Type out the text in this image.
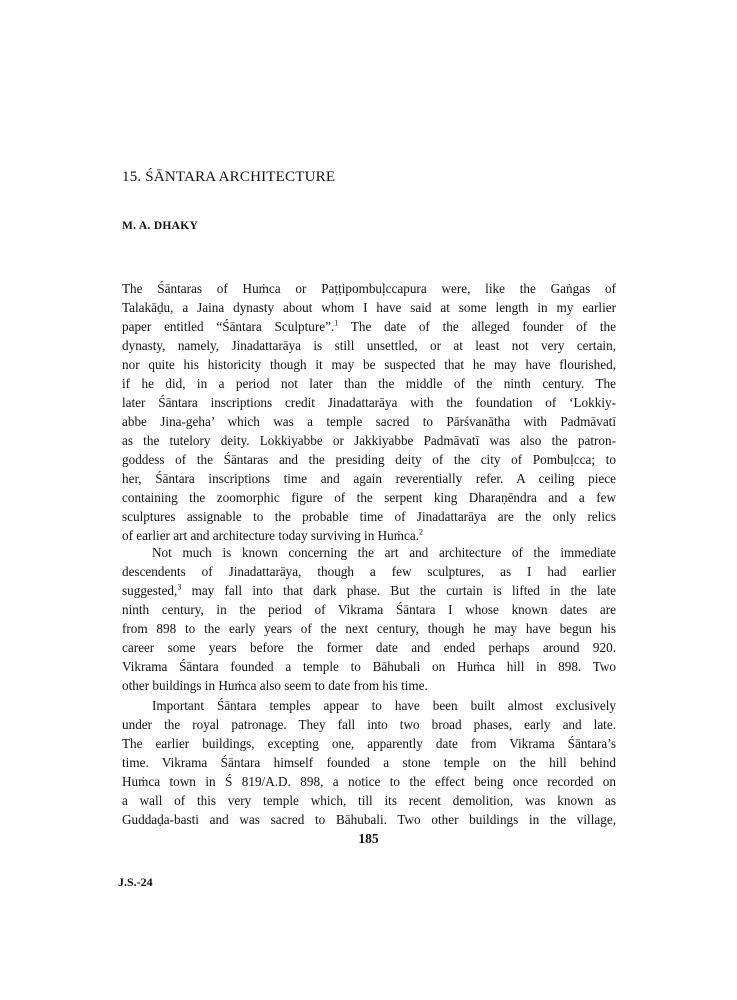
15. ŚĀNTARA ARCHITECTURE
M. A. DHAKY
The Śāntaras of Huṁca or Paṭṭipombuḷccapura were, like the Gaṅgas of
Talakāḍu, a Jaina dynasty about whom I have said at some length in my earlier
paper entitled “Śāntara Sculpture”.$^1$ The date of the alleged founder of the
dynasty, namely, Jinadattarāya is still unsettled, or at least not very certain,
nor quite his historicity though it may be suspected that he may have flourished,
if he did, in a period not later than the middle of the ninth century. The
later Śāntara inscriptions credit Jinadattarāya with the foundation of ‘Lokkiy-
abbe Jina-geha’ which was a temple sacred to Pārśvanātha with Padmāvatī
as the tutelory deity. Lokkiyabbe or Jakkiyabbe Padmāvatī was also the patron-
goddess of the Śāntaras and the presiding deity of the city of Pombuḷcca; to
her, Śāntara inscriptions time and again reverentially refer. A ceiling piece
containing the zoomorphic figure of the serpent king Dharaṇēndra and a few
sculptures assignable to the probable time of Jinadattarāya are the only relics
of earlier art and architecture today surviving in Huṁca.$^2$
Not much is known concerning the art and architecture of the immediate
descendents of Jinadattarāya, though a few sculptures, as I had earlier
suggested,$^3$ may fall into that dark phase. But the curtain is lifted in the late
ninth century, in the period of Vikrama Śāntara I whose known dates are
from 898 to the early years of the next century, though he may have begun his
career some years before the former date and ended perhaps around 920.
Vikrama Śāntara founded a temple to Bāhubali on Huṁca hill in 898. Two
other buildings in Huṁca also seem to date from his time.
Important Śāntara temples appear to have been built almost exclusively
under the royal patronage. They fall into two broad phases, early and late.
The earlier buildings, excepting one, apparently date from Vikrama Śāntara’s
time. Vikrama Śāntara himself founded a stone temple on the hill behind
Huṁca town in Ś 819/A.D. 898, a notice to the effect being once recorded on
a wall of this very temple which, till its recent demolition, was known as
Guddaḍa-basti and was sacred to Bāhubali. Two other buildings in the village,
185
J.S.-24
